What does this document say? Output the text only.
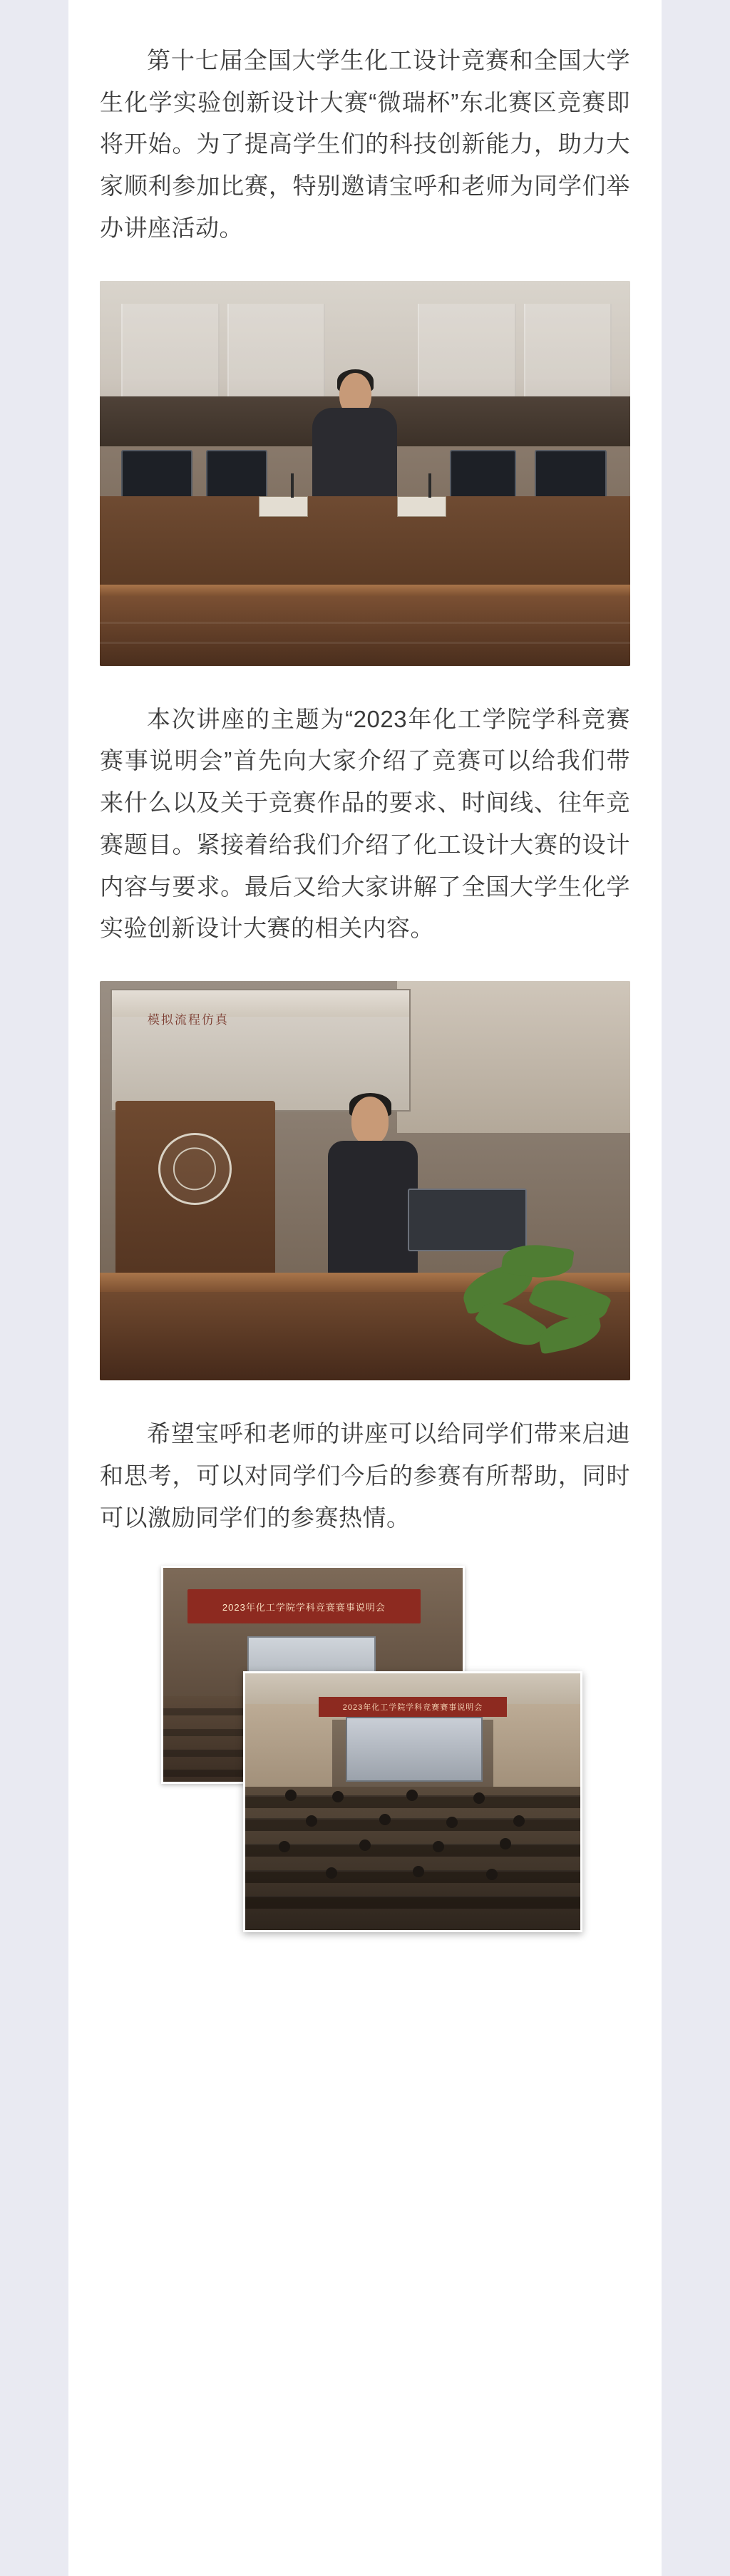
第十七届全国大学生化工设计竞赛和全国大学生化学实验创新设计大赛“微瑞杯”东北赛区竞赛即将开始。为了提高学生们的科技创新能力，助力大家顺利参加比赛，特别邀请宝呼和老师为同学们举办讲座活动。

本次讲座的主题为“2023年化工学院学科竞赛赛事说明会”首先向大家介绍了竞赛可以给我们带来什么以及关于竞赛作品的要求、时间线、往年竞赛题目。紧接着给我们介绍了化工设计大赛的设计内容与要求。最后又给大家讲解了全国大学生化学实验创新设计大赛的相关内容。

模拟流程仿真

希望宝呼和老师的讲座可以给同学们带来启迪和思考，可以对同学们今后的参赛有所帮助，同时可以激励同学们的参赛热情。

2023年化工学院学科竞赛赛事说明会
2023年化工学院学科竞赛赛事说明会
